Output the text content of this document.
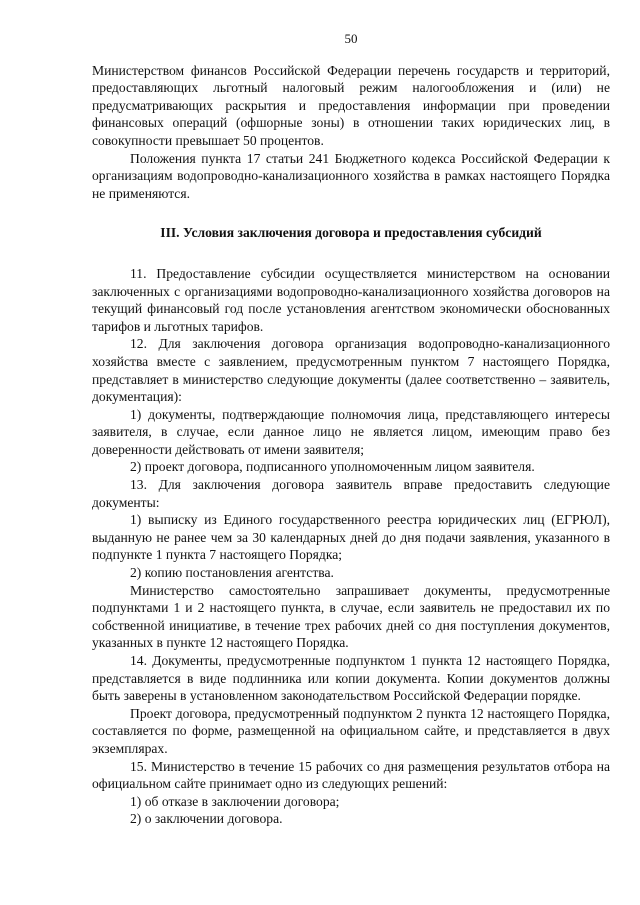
50

Министерством финансов Российской Федерации перечень государств и территорий, предоставляющих льготный налоговый режим налогообложения и (или) не предусматривающих раскрытия и предоставления информации при проведении финансовых операций (офшорные зоны) в отношении таких юридических лиц, в совокупности превышает 50 процентов.

Положения пункта 17 статьи 241 Бюджетного кодекса Российской Федерации к организациям водопроводно-канализационного хозяйства в рамках настоящего Порядка не применяются.

III. Условия заключения договора и предоставления субсидий

11. Предоставление субсидии осуществляется министерством на основании заключенных с организациями водопроводно-канализационного хозяйства договоров на текущий финансовый год после установления агентством экономически обоснованных тарифов и льготных тарифов.

12. Для заключения договора организация водопроводно-канализационного хозяйства вместе с заявлением, предусмотренным пунктом 7 настоящего Порядка, представляет в министерство следующие документы (далее соответственно – заявитель, документация):

1) документы, подтверждающие полномочия лица, представляющего интересы заявителя, в случае, если данное лицо не является лицом, имеющим право без доверенности действовать от имени заявителя;

2) проект договора, подписанного уполномоченным лицом заявителя.

13. Для заключения договора заявитель вправе предоставить следующие документы:

1) выписку из Единого государственного реестра юридических лиц (ЕГРЮЛ), выданную не ранее чем за 30 календарных дней до дня подачи заявления, указанного в подпункте 1 пункта 7 настоящего Порядка;

2) копию постановления агентства.

Министерство самостоятельно запрашивает документы, предусмотренные подпунктами 1 и 2 настоящего пункта, в случае, если заявитель не предоставил их по собственной инициативе, в течение трех рабочих дней со дня поступления документов, указанных в пункте 12 настоящего Порядка.

14. Документы, предусмотренные подпунктом 1 пункта 12 настоящего Порядка, представляется в виде подлинника или копии документа. Копии документов должны быть заверены в установленном законодательством Российской Федерации порядке.

Проект договора, предусмотренный подпунктом 2 пункта 12 настоящего Порядка, составляется по форме, размещенной на официальном сайте, и представляется в двух экземплярах.

15. Министерство в течение 15 рабочих со дня размещения результатов отбора на официальном сайте принимает одно из следующих решений:

1) об отказе в заключении договора;

2) о заключении договора.
